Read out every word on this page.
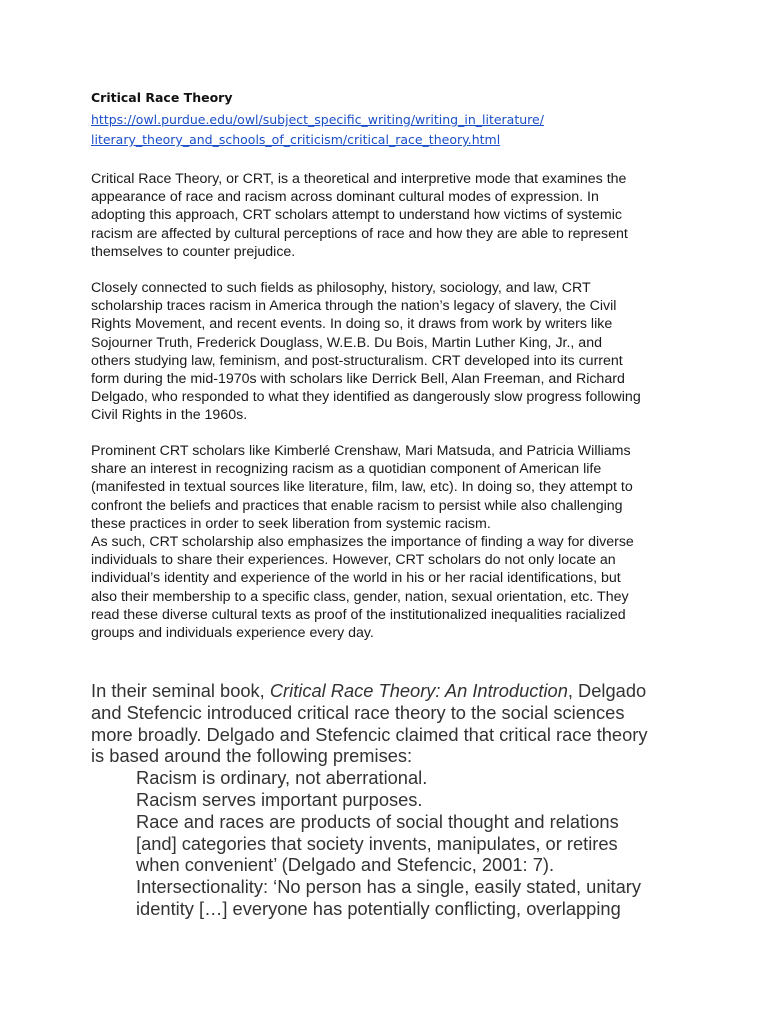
Critical Race Theory
https://owl.purdue.edu/owl/subject_specific_writing/writing_in_literature/
literary_theory_and_schools_of_criticism/critical_race_theory.html
Critical Race Theory, or CRT, is a theoretical and interpretive mode that examines the
appearance of race and racism across dominant cultural modes of expression. In
adopting this approach, CRT scholars attempt to understand how victims of systemic
racism are affected by cultural perceptions of race and how they are able to represent
themselves to counter prejudice.
Closely connected to such fields as philosophy, history, sociology, and law, CRT
scholarship traces racism in America through the nation’s legacy of slavery, the Civil
Rights Movement, and recent events. In doing so, it draws from work by writers like
Sojourner Truth, Frederick Douglass, W.E.B. Du Bois, Martin Luther King, Jr., and
others studying law, feminism, and post-structuralism. CRT developed into its current
form during the mid-1970s with scholars like Derrick Bell, Alan Freeman, and Richard
Delgado, who responded to what they identified as dangerously slow progress following
Civil Rights in the 1960s.
Prominent CRT scholars like Kimberlé Crenshaw, Mari Matsuda, and Patricia Williams
share an interest in recognizing racism as a quotidian component of American life
(manifested in textual sources like literature, film, law, etc). In doing so, they attempt to
confront the beliefs and practices that enable racism to persist while also challenging
these practices in order to seek liberation from systemic racism.
As such, CRT scholarship also emphasizes the importance of finding a way for diverse
individuals to share their experiences. However, CRT scholars do not only locate an
individual’s identity and experience of the world in his or her racial identifications, but
also their membership to a specific class, gender, nation, sexual orientation, etc. They
read these diverse cultural texts as proof of the institutionalized inequalities racialized
groups and individuals experience every day.
In their seminal book, Critical Race Theory: An Introduction, Delgado
and Stefencic introduced critical race theory to the social sciences
more broadly. Delgado and Stefencic claimed that critical race theory
is based around the following premises:
Racism is ordinary, not aberrational.
Racism serves important purposes.
Race and races are products of social thought and relations
[and] categories that society invents, manipulates, or retires
when convenient’ (Delgado and Stefencic, 2001: 7).
Intersectionality: ‘No person has a single, easily stated, unitary
identity […] everyone has potentially conflicting, overlapping
